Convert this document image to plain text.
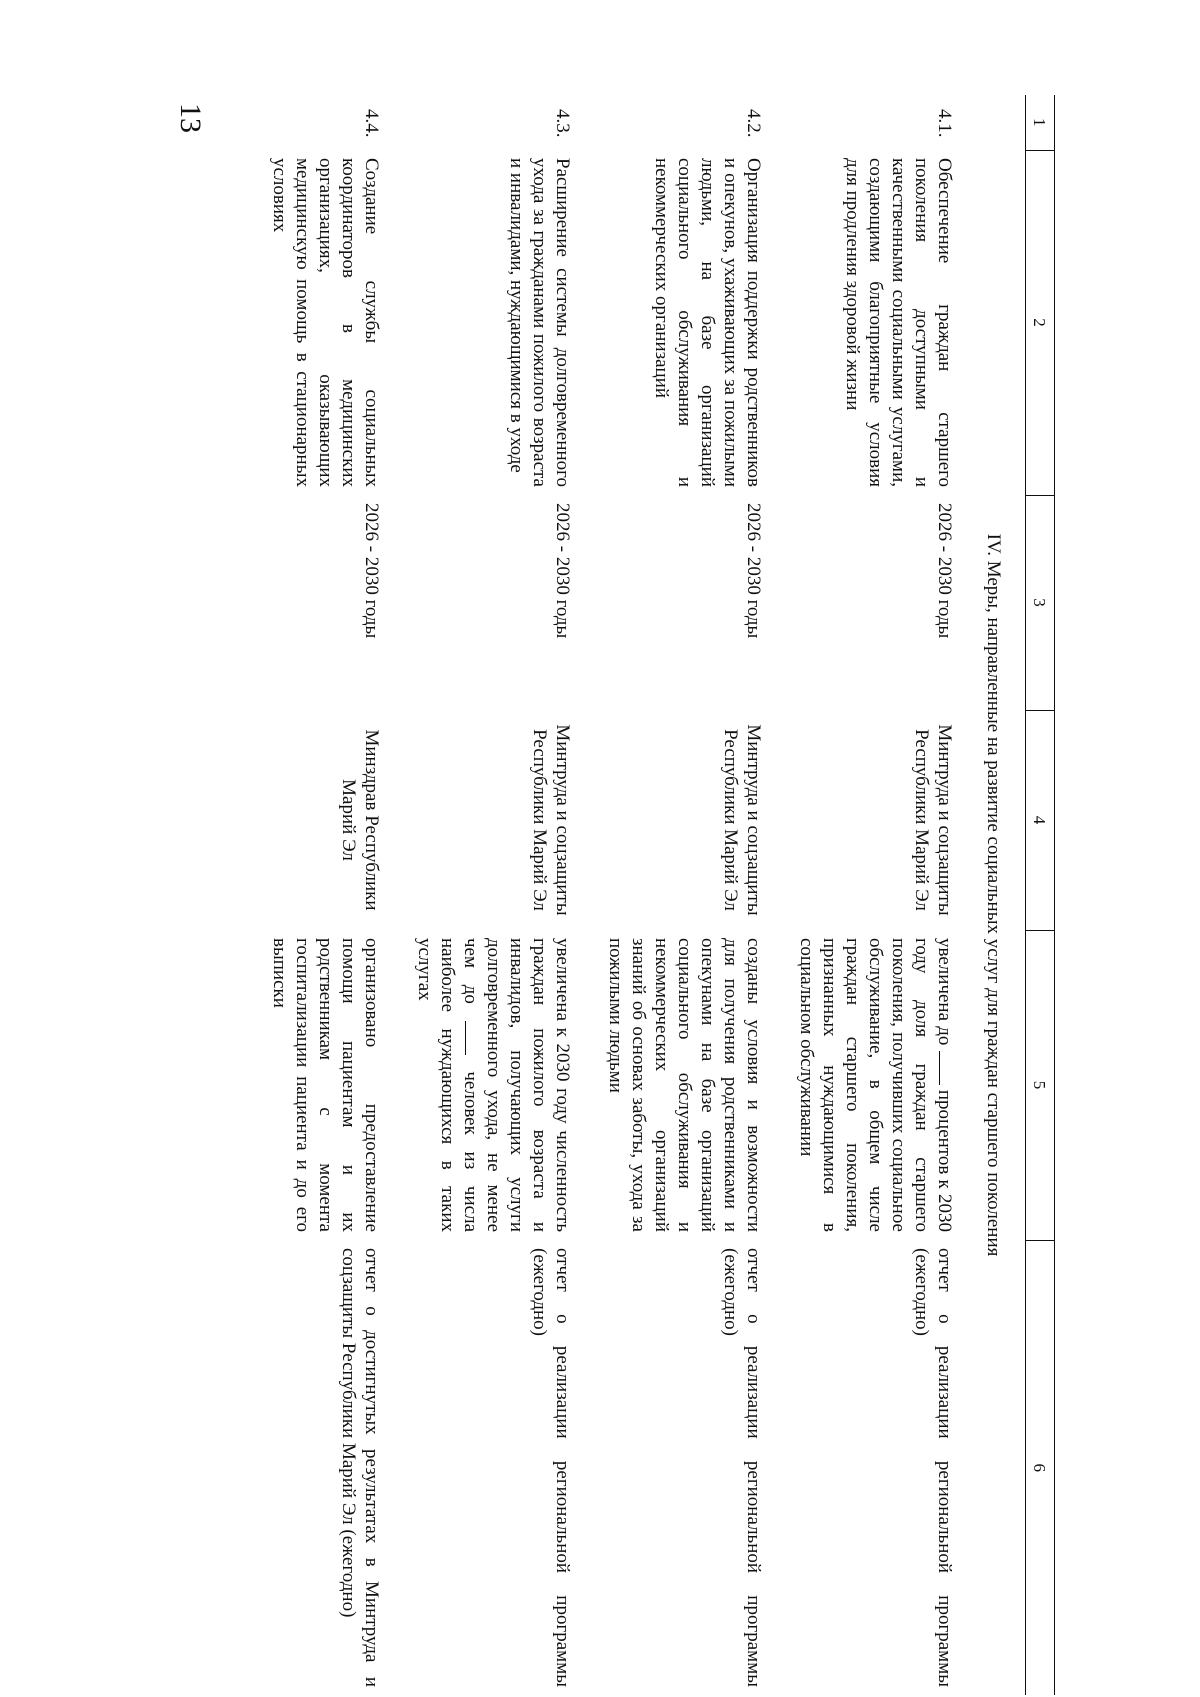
13	1	2	3	4	5	6
IV. Меры, направленные на развитие социальных услуг для граждан старшего поколения					
4.1.	Обеспечение граждан старшего поколения доступными и качественными социальными услугами, создающими благоприятные условия для продления здоровой жизни	2026 - 2030 годы	Минтруда и соцзащиты Республики Марий Эл	увеличена до  процентов к 2030 году доля граждан старшего поколения, получивших социальное обслуживание, в общем числе граждан старшего поколения, признанных нуждающимися в социальном обслуживании	отчет о реализации региональной программы (ежегодно)
4.2.	Организация поддержки родственников и опекунов, ухаживающих за пожилыми людьми, на базе организаций социального обслуживания и некоммерческих организаций	2026 - 2030 годы	Минтруда и соцзащиты Республики Марий Эл	созданы условия и возможности для получения родственниками и опекунами на базе организаций социального обслуживания и некоммерческих организаций знаний об основах заботы, ухода за пожилыми людьми	отчет о реализации региональной программы (ежегодно)
4.3.	Расширение системы долговременного ухода за гражданами пожилого возраста и инвалидами, нуждающимися в уходе	2026 - 2030 годы	Минтруда и соцзащиты Республики Марий Эл	увеличена к 2030 году численность граждан пожилого возраста и инвалидов, получающих услуги долговременного ухода, не менее чем до  человек из числа наиболее нуждающихся в таких услугах	отчет о реализации региональной программы (ежегодно)
4.4.	Создание службы социальных координаторов в медицинских организациях, оказывающих медицинскую помощь в стационарных условиях	2026 - 2030 годы	Минздрав Республики Марий Эл	организовано предоставление помощи пациентам и их родственникам с момента госпитализации пациента и до его выписки	отчет о достигнутых результатах в Минтруда и соцзащиты Республики Марий Эл (ежегодно)
